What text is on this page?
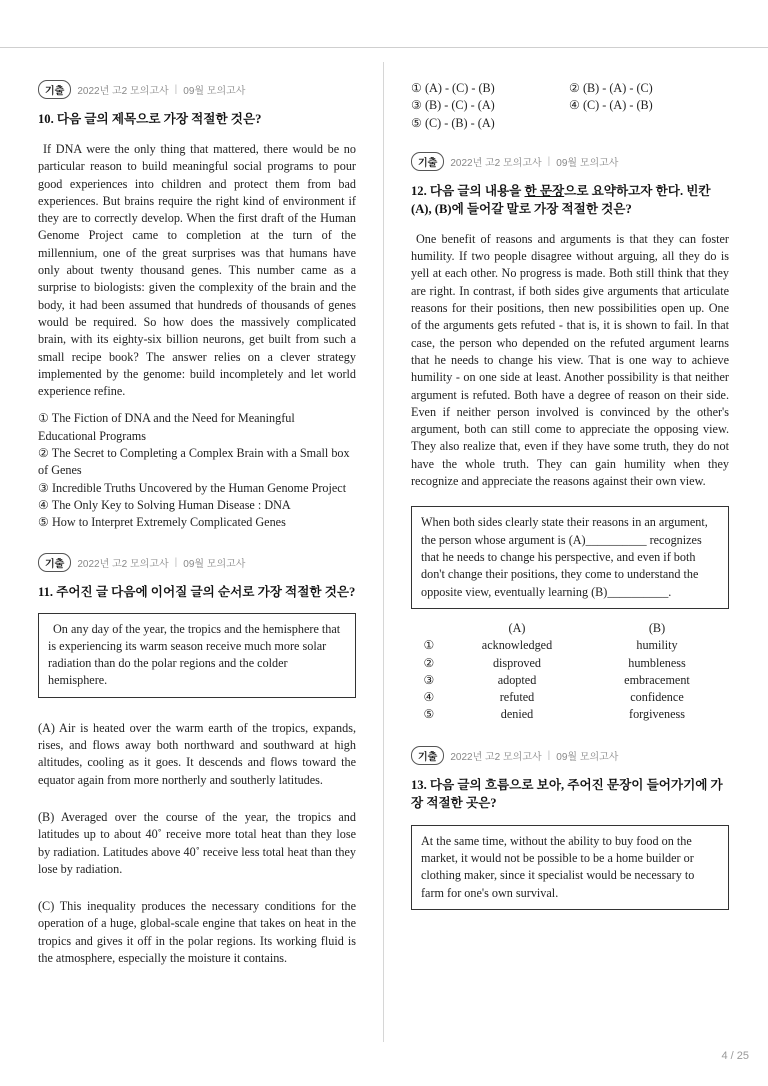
기출	2022년 고2 모의고사 | 09월 모의고사
10. 다음 글의 제목으로 가장 적절한 것은?
If DNA were the only thing that mattered, there would be no particular reason to build meaningful social programs to pour good experiences into children and protect them from bad experiences. But brains require the right kind of environment if they are to correctly develop. When the first draft of the Human Genome Project came to completion at the turn of the millennium, one of the great surprises was that humans have only about twenty thousand genes. This number came as a surprise to biologists: given the complexity of the brain and the body, it had been assumed that hundreds of thousands of genes would be required. So how does the massively complicated brain, with its eighty-six billion neurons, get built from such a small recipe book? The answer relies on a clever strategy implemented by the genome: build incompletely and let world experience refine.
① The Fiction of DNA and the Need for Meaningful Educational Programs
② The Secret to Completing a Complex Brain with a Small box of Genes
③ Incredible Truths Uncovered by the Human Genome Project
④ The Only Key to Solving Human Disease : DNA
⑤ How to Interpret Extremely Complicated Genes
기출	2022년 고2 모의고사 | 09월 모의고사
11. 주어진 글 다음에 이어질 글의 순서로 가장 적절한 것은?
On any day of the year, the tropics and the hemisphere that is experiencing its warm season receive much more solar radiation than do the polar regions and the colder hemisphere.
(A) Air is heated over the warm earth of the tropics, expands, rises, and flows away both northward and southward at high altitudes, cooling as it goes. It descends and flows toward the equator again from more northerly and southerly latitudes.
(B) Averaged over the course of the year, the tropics and latitudes up to about 40˚ receive more total heat than they lose by radiation. Latitudes above 40˚ receive less total heat than they lose by radiation.
(C) This inequality produces the necessary conditions for the operation of a huge, global-scale engine that takes on heat in the tropics and gives it off in the polar regions. Its working fluid is the atmosphere, especially the moisture it contains.
① (A) - (C) - (B)	② (B) - (A) - (C)
③ (B) - (C) - (A)	④ (C) - (A) - (B)
⑤ (C) - (B) - (A)
기출	2022년 고2 모의고사 | 09월 모의고사
12. 다음 글의 내용을 한 문장으로 요약하고자 한다. 빈칸 (A), (B)에 들어갈 말로 가장 적절한 것은?
One benefit of reasons and arguments is that they can foster humility. If two people disagree without arguing, all they do is yell at each other. No progress is made. Both still think that they are right. In contrast, if both sides give arguments that articulate reasons for their positions, then new possibilities open up. One of the arguments gets refuted - that is, it is shown to fail. In that case, the person who depended on the refuted argument learns that he needs to change his view. That is one way to achieve humility - on one side at least. Another possibility is that neither argument is refuted. Both have a degree of reason on their side. Even if neither person involved is convinced by the other's argument, both can still come to appreciate the opposing view. They also realize that, even if they have some truth, they do not have the whole truth. They can gain humility when they recognize and appreciate the reasons against their own view.
When both sides clearly state their reasons in an argument, the person whose argument is (A)__________ recognizes that he needs to change his perspective, and even if both don't change their positions, they come to understand the opposite view, eventually learning (B)__________.
	(A)	(B)
①	acknowledged	humility
②	disproved	humbleness
③	adopted	embracement
④	refuted	confidence
⑤	denied	forgiveness
기출	2022년 고2 모의고사 | 09월 모의고사
13. 다음 글의 흐름으로 보아, 주어진 문장이 들어가기에 가장 적절한 곳은?
At the same time, without the ability to buy food on the market, it would not be possible to be a home builder or clothing maker, since it specialist would be necessary to farm for one's own survival.
4 / 25
